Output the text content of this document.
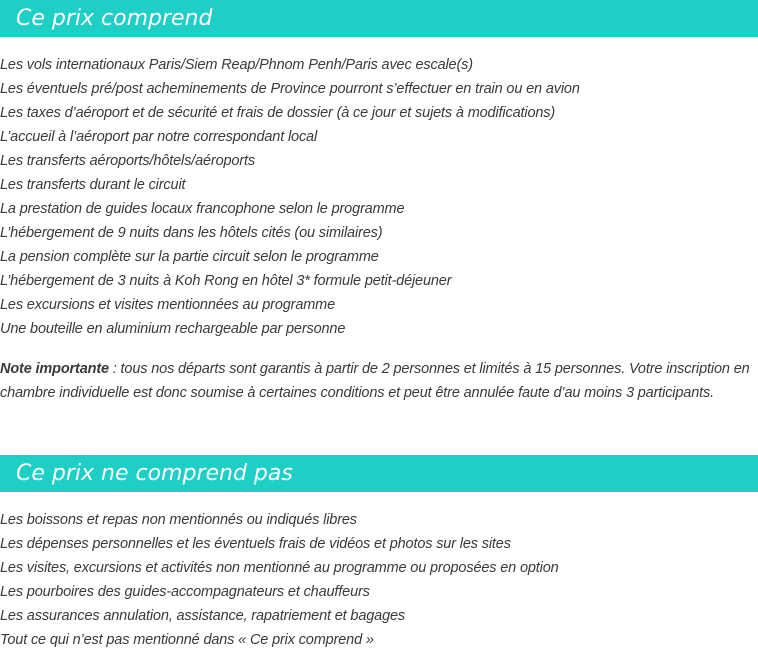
Ce prix comprend
Les vols internationaux Paris/Siem Reap/Phnom Penh/Paris avec escale(s)
Les éventuels pré/post acheminements de Province pourront s’effectuer en train ou en avion
Les taxes d’aéroport et de sécurité et frais de dossier (à ce jour et sujets à modifications)
L’accueil à l’aéroport par notre correspondant local
Les transferts aéroports/hôtels/aéroports
Les transferts durant le circuit
La prestation de guides locaux francophone selon le programme
L’hébergement de 9 nuits dans les hôtels cités (ou similaires)
La pension complète sur la partie circuit selon le programme
L’hébergement de 3 nuits à Koh Rong en hôtel 3* formule petit-déjeuner
Les excursions et visites mentionnées au programme
Une bouteille en aluminium rechargeable par personne

Note importante : tous nos départs sont garantis à partir de 2 personnes et limités à 15 personnes. Votre inscription en chambre individuelle est donc soumise à certaines conditions et peut être annulée faute d’au moins 3 participants.

Ce prix ne comprend pas
Les boissons et repas non mentionnés ou indiqués libres
Les dépenses personnelles et les éventuels frais de vidéos et photos sur les sites
Les visites, excursions et activités non mentionné au programme ou proposées en option
Les pourboires des guides-accompagnateurs et chauffeurs
Les assurances annulation, assistance, rapatriement et bagages
Tout ce qui n’est pas mentionné dans « Ce prix comprend »
